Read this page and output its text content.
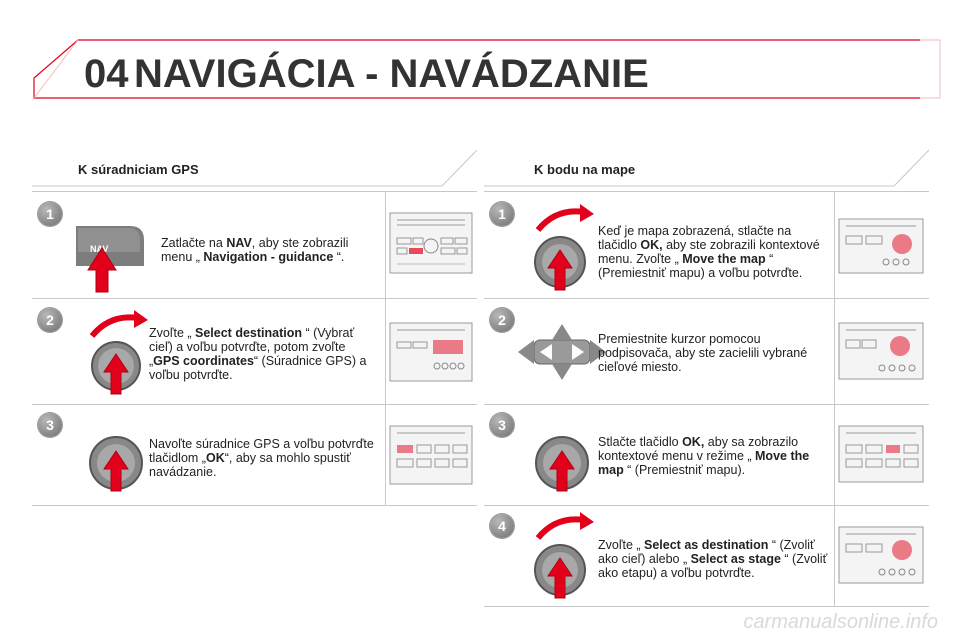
04 NAVIGÁCIA - NAVÁDZANIE
K súradniciam GPS	K bodu na mape
1
NAV	Zatlačte na NAV, aby ste zobrazili menu „ Navigation - guidance “.
2
Zvoľte „ Select destination “ (Vybrať cieľ) a voľbu potvrďte, potom zvoľte „GPS coordinates“ (Súradnice GPS) a voľbu potvrďte.
3
Navoľte súradnice GPS a voľbu potvrďte tlačidlom „OK“, aby sa mohlo spustiť navádzanie.
1
Keď je mapa zobrazená, stlačte na tlačidlo OK, aby ste zobrazili kontextové menu. Zvoľte „ Move the map “ (Premiestniť mapu) a voľbu potvrďte.
2
Premiestnite kurzor pomocou podpisovača, aby ste zacielili vybrané cieľové miesto.
3
Stlačte tlačidlo OK, aby sa zobrazilo kontextové menu v režime „ Move the map “ (Premiestniť mapu).
4
Zvoľte „ Select as destination “ (Zvoliť ako cieľ) alebo „ Select as stage “ (Zvoliť ako etapu) a voľbu potvrďte.
carmanualsonline.info
